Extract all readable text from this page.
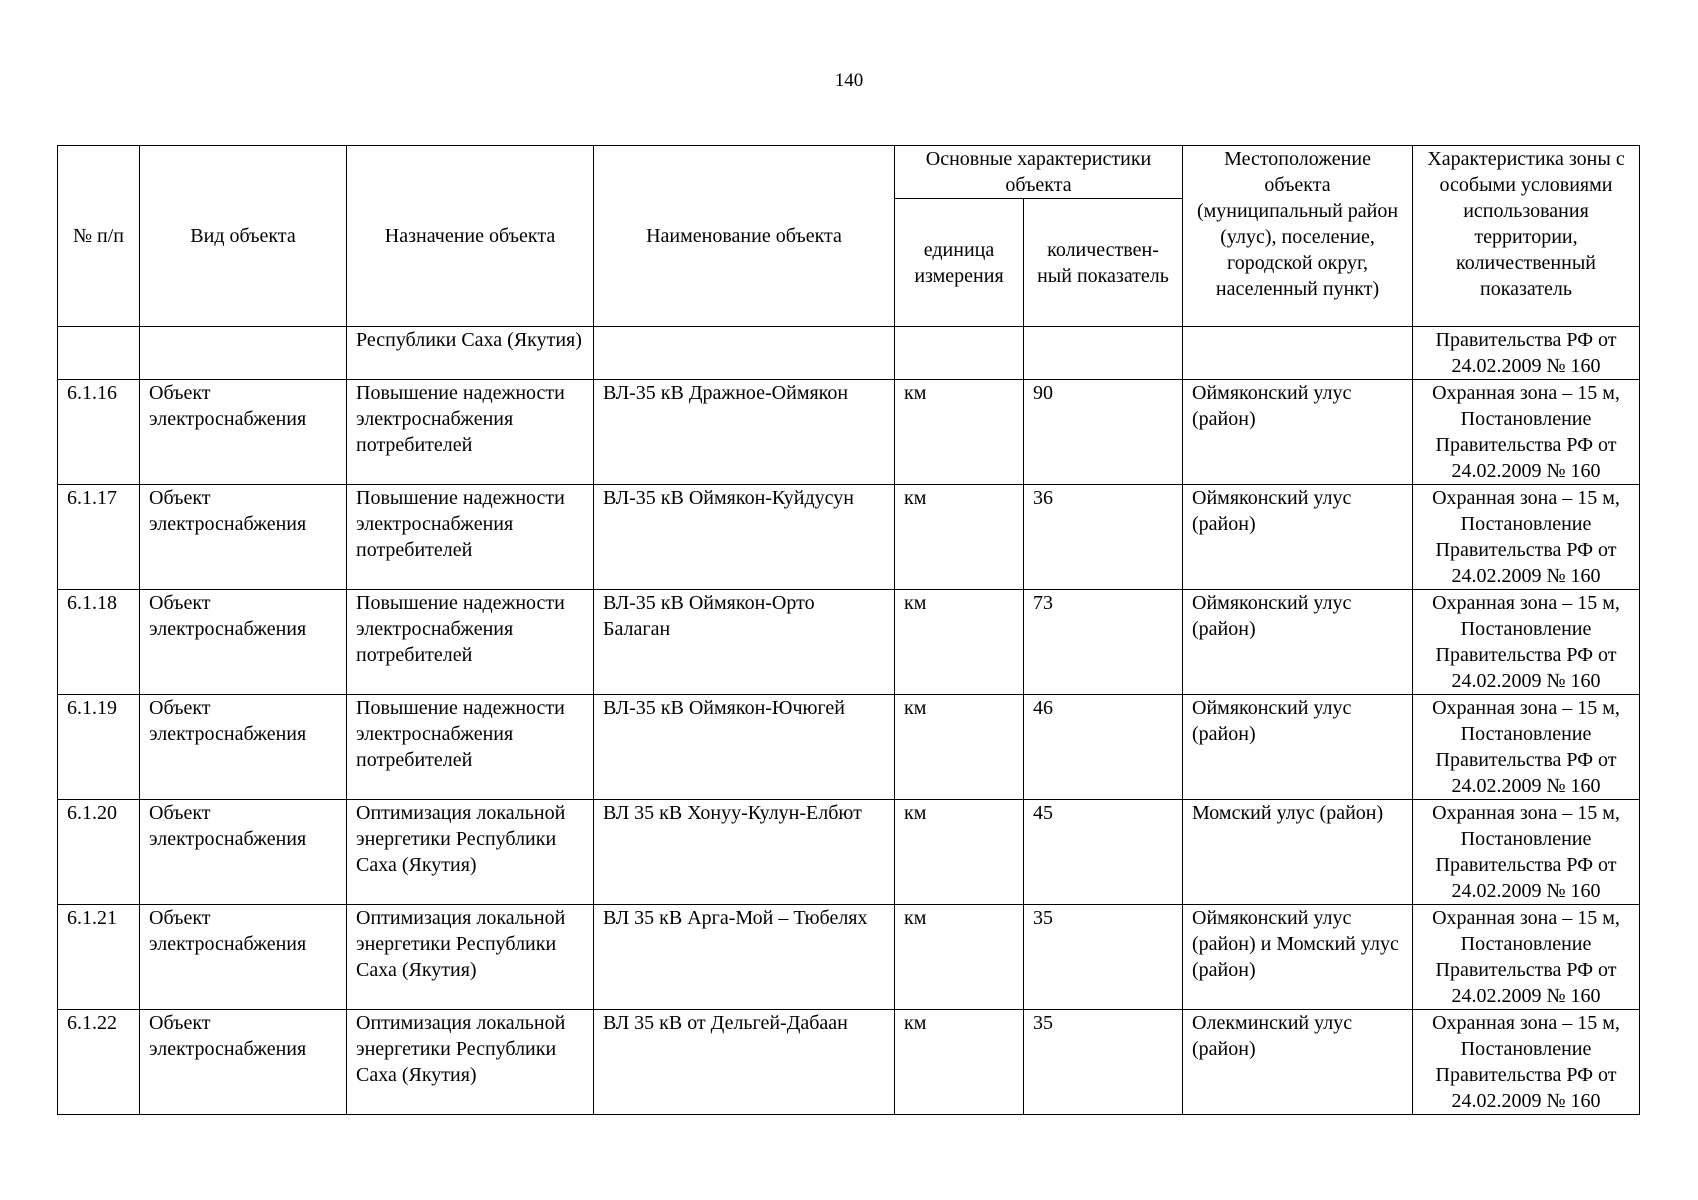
140
№ п/п	Вид объекта	Назначение объекта	Наименование объекта	Основные характеристики объекта		Местоположение объекта (муниципальный район (улус), поселение, городской округ, населенный пункт)	Характеристика зоны с особыми условиями использования территории, количественный показатель
				единица измерения	количествен-ный показатель		
		Республики Саха (Якутия)					Правительства РФ от 24.02.2009 № 160
6.1.16	Объект электроснабжения	Повышение надежности электроснабжения потребителей	ВЛ-35 кВ Дражное-Оймякон	км	90	Оймяконский улус (район)	Охранная зона – 15 м, Постановление Правительства РФ от 24.02.2009 № 160
6.1.17	Объект электроснабжения	Повышение надежности электроснабжения потребителей	ВЛ-35 кВ Оймякон-Куйдусун	км	36	Оймяконский улус (район)	Охранная зона – 15 м, Постановление Правительства РФ от 24.02.2009 № 160
6.1.18	Объект электроснабжения	Повышение надежности электроснабжения потребителей	ВЛ-35 кВ Оймякон-Орто Балаган	км	73	Оймяконский улус (район)	Охранная зона – 15 м, Постановление Правительства РФ от 24.02.2009 № 160
6.1.19	Объект электроснабжения	Повышение надежности электроснабжения потребителей	ВЛ-35 кВ Оймякон-Ючюгей	км	46	Оймяконский улус (район)	Охранная зона – 15 м, Постановление Правительства РФ от 24.02.2009 № 160
6.1.20	Объект электроснабжения	Оптимизация локальной энергетики Республики Саха (Якутия)	ВЛ 35 кВ Хонуу-Кулун-Елбют	км	45	Момский улус (район)	Охранная зона – 15 м, Постановление Правительства РФ от 24.02.2009 № 160
6.1.21	Объект электроснабжения	Оптимизация локальной энергетики Республики Саха (Якутия)	ВЛ 35 кВ Арга-Мой – Тюбелях	км	35	Оймяконский улус (район) и Момский улус (район)	Охранная зона – 15 м, Постановление Правительства РФ от 24.02.2009 № 160
6.1.22	Объект электроснабжения	Оптимизация локальной энергетики Республики Саха (Якутия)	ВЛ 35 кВ от Дельгей-Дабаан	км	35	Олекминский улус (район)	Охранная зона – 15 м, Постановление Правительства РФ от 24.02.2009 № 160
